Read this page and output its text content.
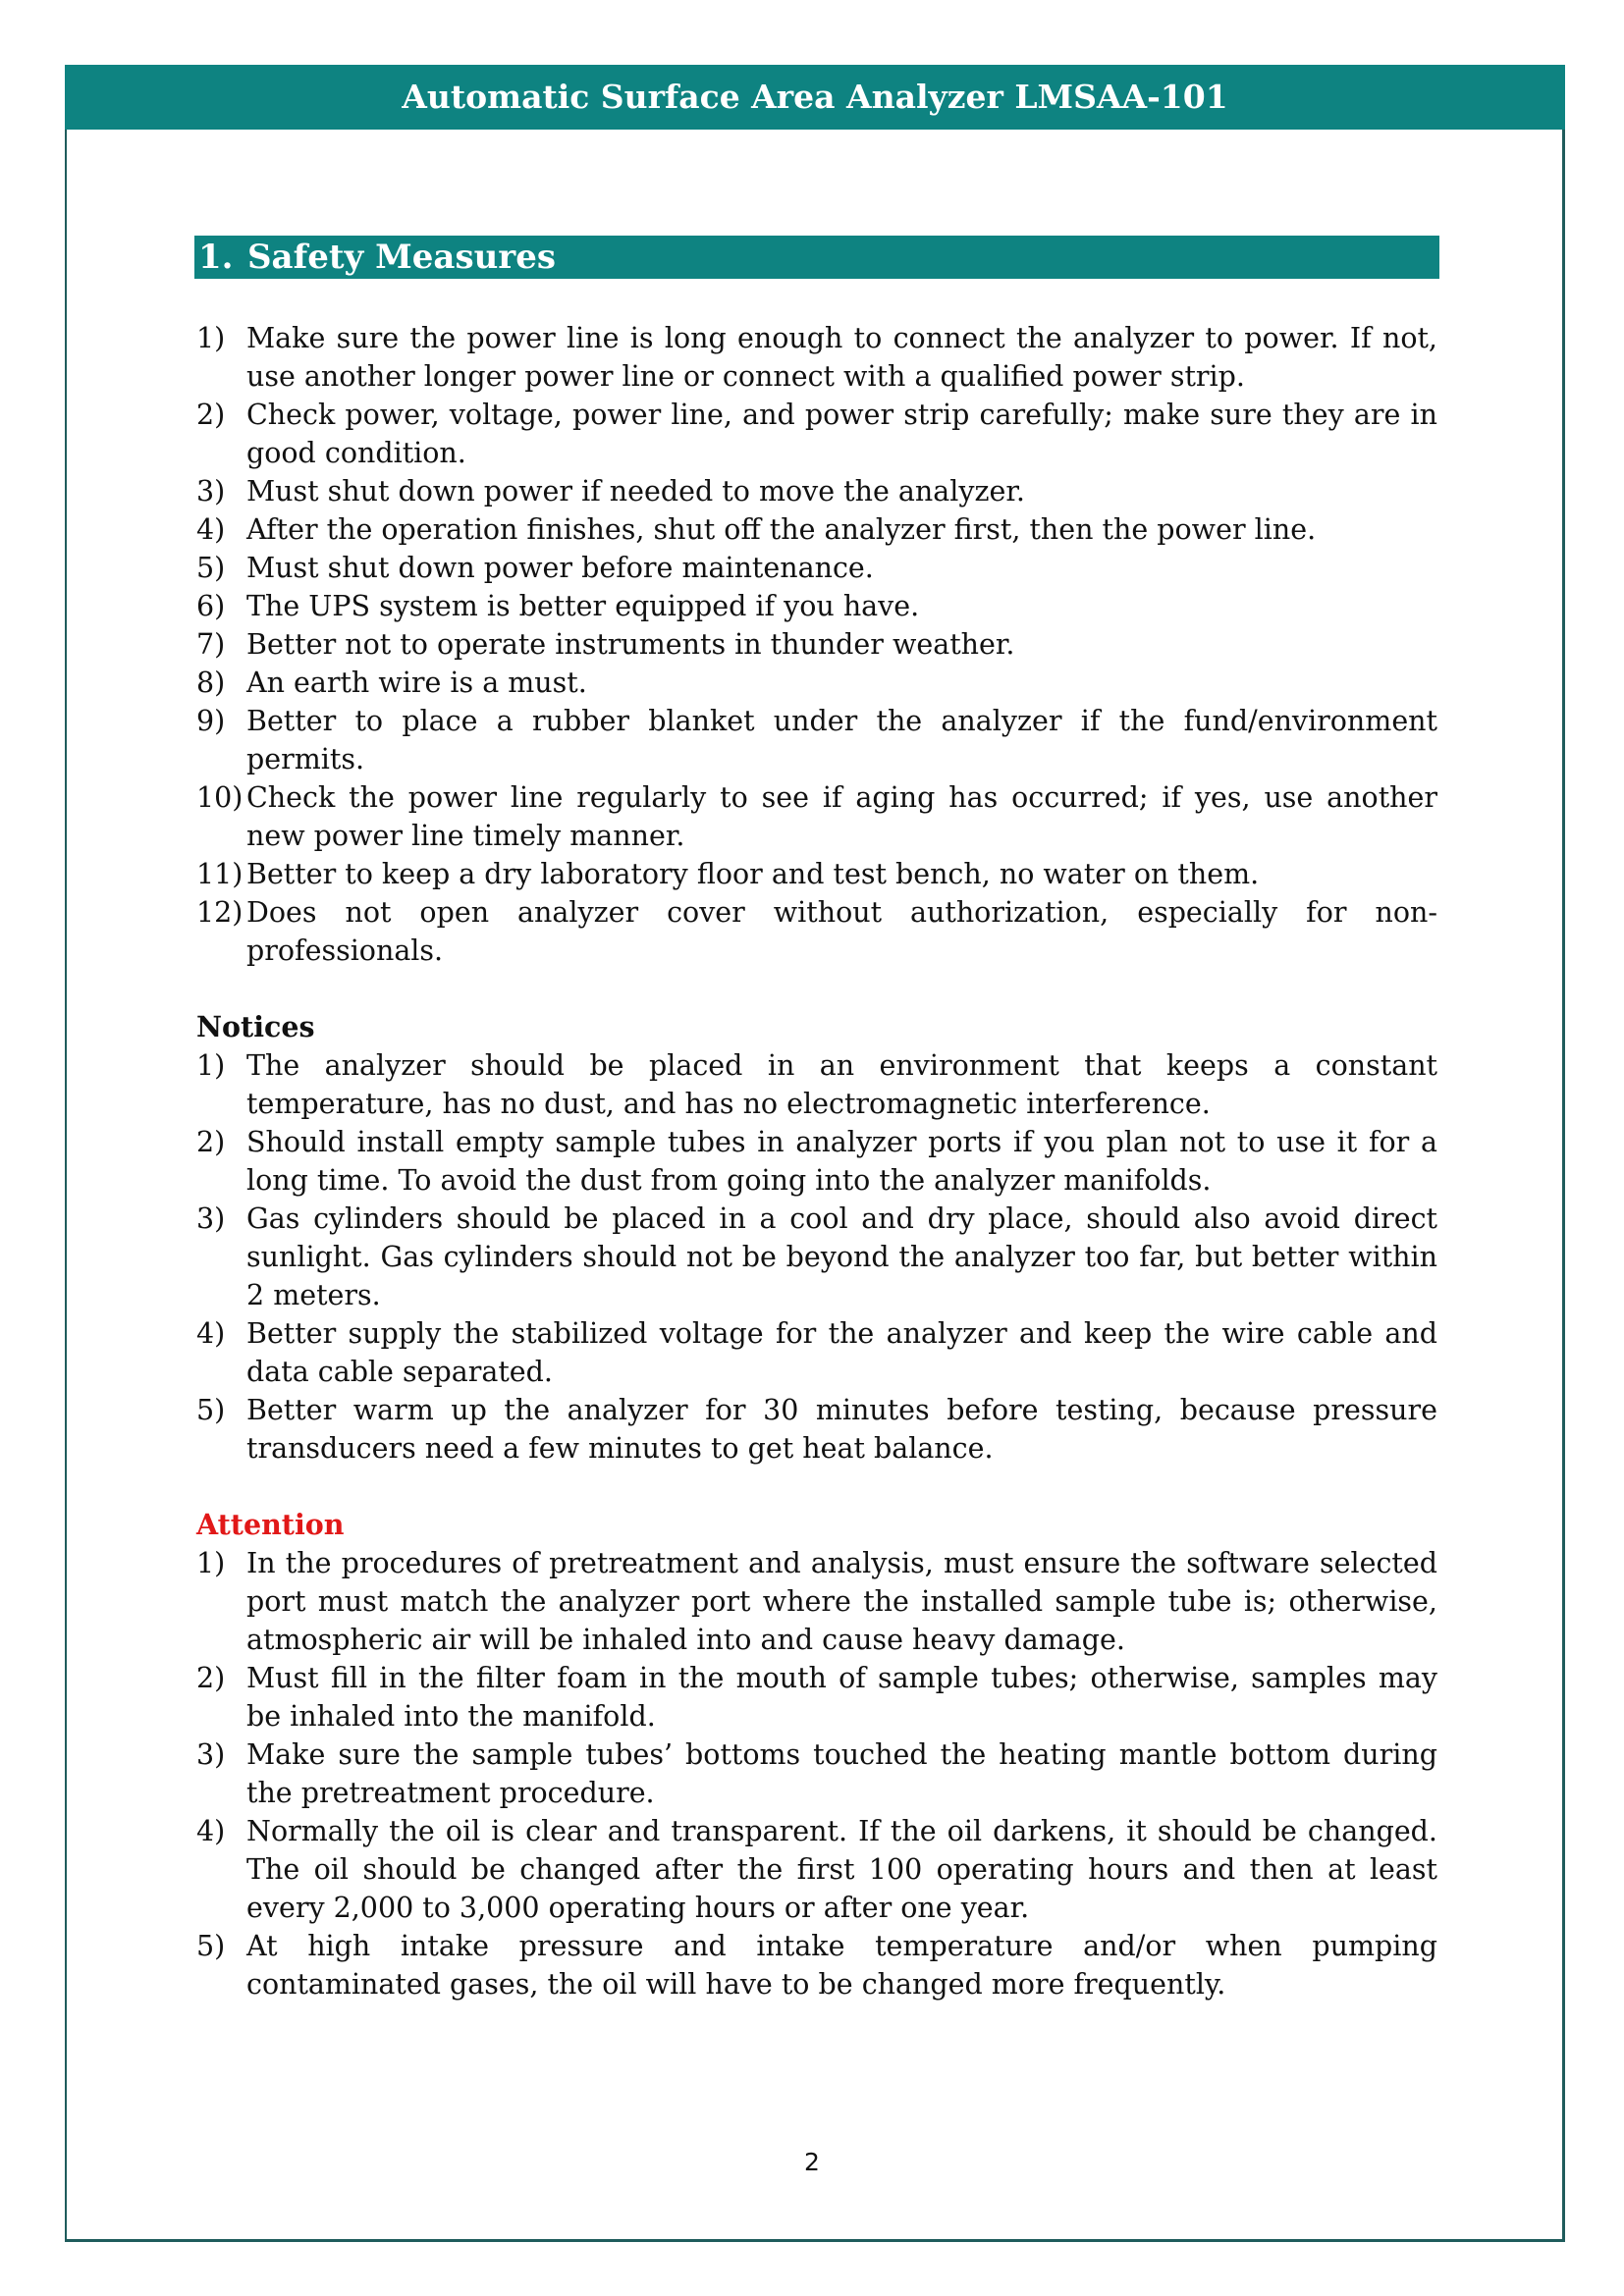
Automatic Surface Area Analyzer LMSAA-101
1. Safety Measures
1) Make sure the power line is long enough to connect the analyzer to power. If not, use another longer power line or connect with a qualified power strip.
2) Check power, voltage, power line, and power strip carefully; make sure they are in good condition.
3) Must shut down power if needed to move the analyzer.
4) After the operation finishes, shut off the analyzer first, then the power line.
5) Must shut down power before maintenance.
6) The UPS system is better equipped if you have.
7) Better not to operate instruments in thunder weather.
8) An earth wire is a must.
9) Better to place a rubber blanket under the analyzer if the fund/environment permits.
10) Check the power line regularly to see if aging has occurred; if yes, use another new power line timely manner.
11) Better to keep a dry laboratory floor and test bench, no water on them.
12) Does not open analyzer cover without authorization, especially for non-professionals.
Notices
1) The analyzer should be placed in an environment that keeps a constant temperature, has no dust, and has no electromagnetic interference.
2) Should install empty sample tubes in analyzer ports if you plan not to use it for a long time. To avoid the dust from going into the analyzer manifolds.
3) Gas cylinders should be placed in a cool and dry place, should also avoid direct sunlight. Gas cylinders should not be beyond the analyzer too far, but better within 2 meters.
4) Better supply the stabilized voltage for the analyzer and keep the wire cable and data cable separated.
5) Better warm up the analyzer for 30 minutes before testing, because pressure transducers need a few minutes to get heat balance.
Attention
1) In the procedures of pretreatment and analysis, must ensure the software selected port must match the analyzer port where the installed sample tube is; otherwise, atmospheric air will be inhaled into and cause heavy damage.
2) Must fill in the filter foam in the mouth of sample tubes; otherwise, samples may be inhaled into the manifold.
3) Make sure the sample tubes’ bottoms touched the heating mantle bottom during the pretreatment procedure.
4) Normally the oil is clear and transparent. If the oil darkens, it should be changed. The oil should be changed after the first 100 operating hours and then at least every 2,000 to 3,000 operating hours or after one year.
5) At high intake pressure and intake temperature and/or when pumping contaminated gases, the oil will have to be changed more frequently.
2
